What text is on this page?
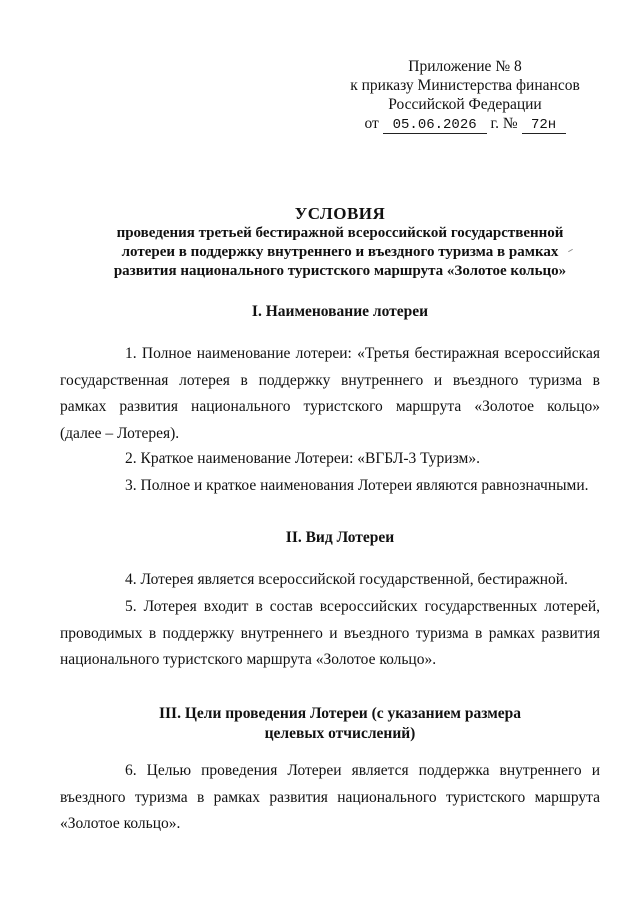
Приложение № 8
к приказу Министерства финансов
Российской Федерации
от 05.06.2026 г. № 72н
УСЛОВИЯ
проведения третьей бестиражной всероссийской государственной
лотереи в поддержку внутреннего и въездного туризма в рамках
развития национального туристского маршрута «Золотое кольцо»
I. Наименование лотереи
1. Полное наименование лотереи: «Третья бестиражная всероссийская
государственная лотерея в поддержку внутреннего и въездного туризма в
рамках развития национального туристского маршрута «Золотое кольцо»
(далее – Лотерея).
2. Краткое наименование Лотереи: «ВГБЛ-3 Туризм».
3. Полное и краткое наименования Лотереи являются равнозначными.
II. Вид Лотереи
4. Лотерея является всероссийской государственной, бестиражной.
5. Лотерея входит в состав всероссийских государственных лотерей,
проводимых в поддержку внутреннего и въездного туризма в рамках развития
национального туристского маршрута «Золотое кольцо».
III. Цели проведения Лотереи (с указанием размера
целевых отчислений)
6. Целью проведения Лотереи является поддержка внутреннего и
въездного туризма в рамках развития национального туристского маршрута
«Золотое кольцо».
